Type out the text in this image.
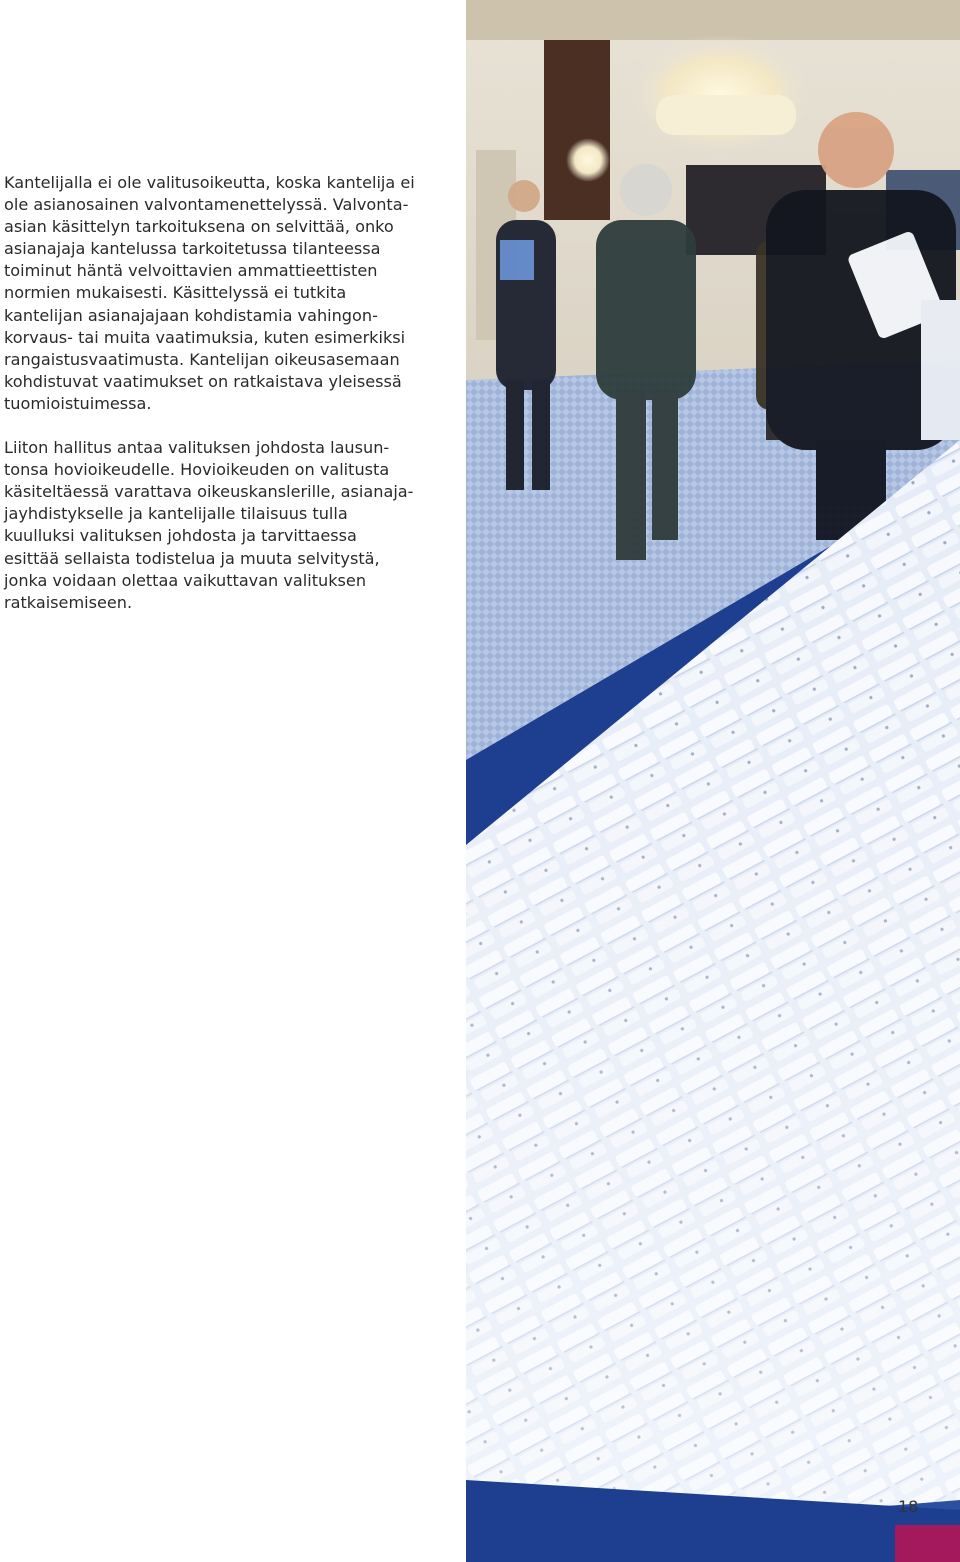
Kantelijalla ei ole valitusoikeutta, koska kantelija ei ole asianosainen valvontamenettelyssä. Valvonta-asian käsittelyn tarkoituksena on selvittää, onko asianajaja kantelussa tarkoitetussa tilanteessa toiminut häntä velvoittavien ammattieettisten normien mukaisesti. Käsittelyssä ei tutkita kantelijan asianajajaan kohdistamia vahingonkorvaus- tai muita vaatimuksia, kuten esimerkiksi rangaistusvaatimusta. Kantelijan oikeusasemaan kohdistuvat vaatimukset on ratkaistava yleisessä tuomioistuimessa.

Liiton hallitus antaa valituksen johdosta lausuntonsa hovioikeudelle. Hovioikeuden on valitusta käsiteltäessä varattava oikeuskanslerille, asianajajayhdistykselle ja kantelijalle tilaisuus tulla kuulluksi valituksen johdosta ja tarvittaessa esittää sellaista todistelua ja muuta selvitystä, jonka voidaan olettaa vaikuttavan valituksen ratkaisemiseen.

18
